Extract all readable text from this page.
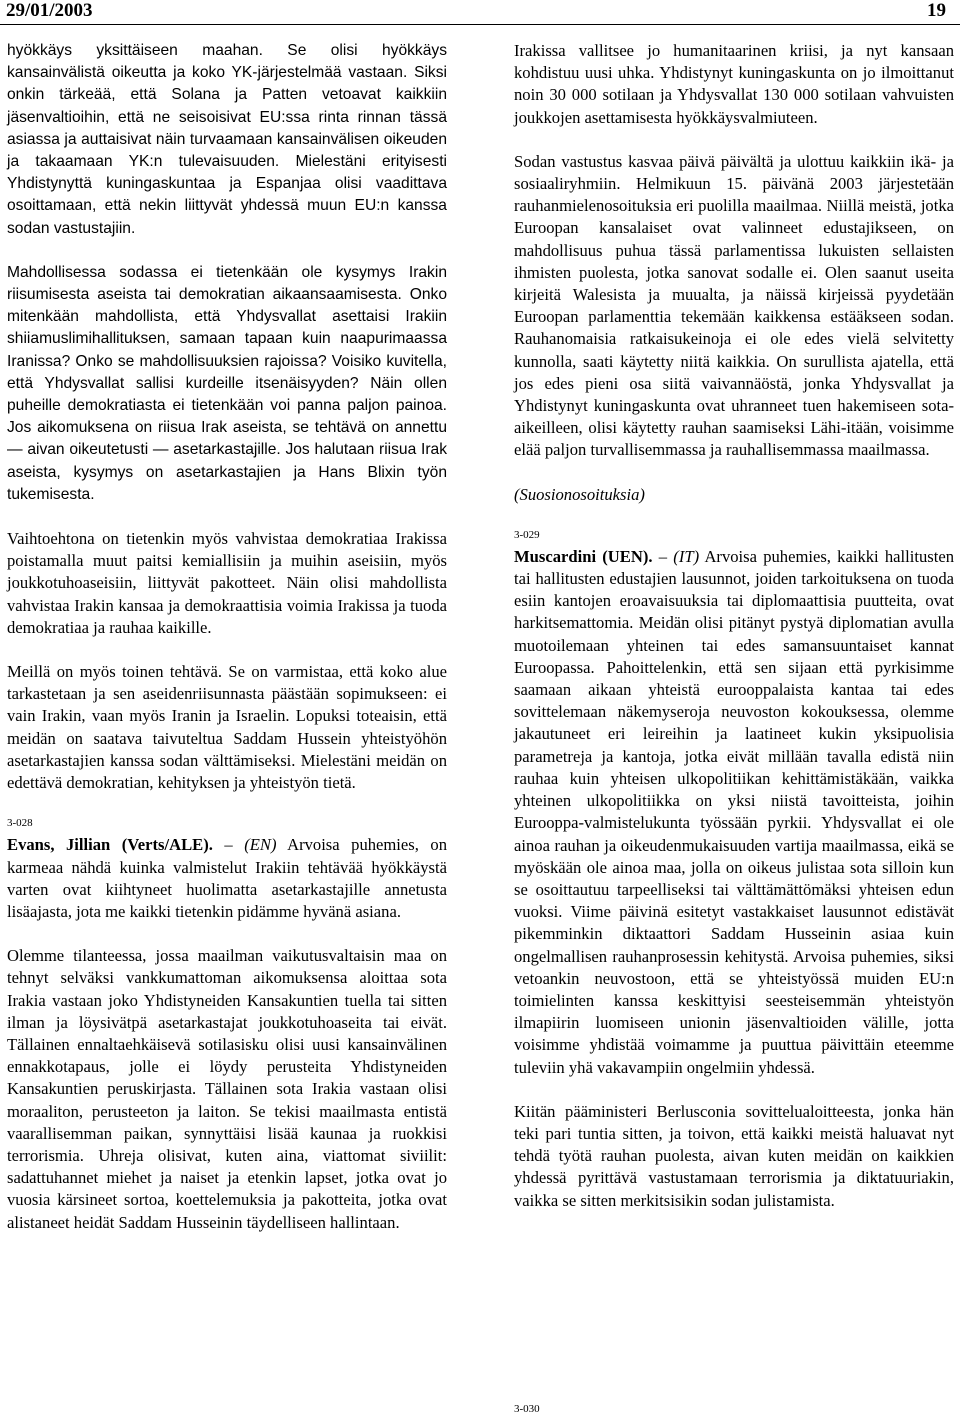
29/01/2003	19

hyökkäys yksittäiseen maahan. Se olisi hyökkäys kansainvälistä oikeutta ja koko YK-järjestelmää vastaan. Siksi onkin tärkeää, että Solana ja Patten vetoavat kaikkiin jäsenvaltioihin, että ne seisoisivat EU:ssa rinta rinnan tässä asiassa ja auttaisivat näin turvaamaan kansainvälisen oikeuden ja takaamaan YK:n tulevaisuuden. Mielestäni erityisesti Yhdistynyttä kuningaskuntaa ja Espanjaa olisi vaadittava osoittamaan, että nekin liittyvät yhdessä muun EU:n kanssa sodan vastustajiin.

Mahdollisessa sodassa ei tietenkään ole kysymys Irakin riisumisesta aseista tai demokratian aikaansaamisesta. Onko mitenkään mahdollista, että Yhdysvallat asettaisi Irakiin shiiamuslimihallituksen, samaan tapaan kuin naapurimaassa Iranissa? Onko se mahdollisuuksien rajoissa? Voisiko kuvitella, että Yhdysvallat sallisi kurdeille itsenäisyyden? Näin ollen puheille demokratiasta ei tietenkään voi panna paljon painoa. Jos aikomuksena on riisua Irak aseista, se tehtävä on annettu — aivan oikeutetusti — asetarkastajille. Jos halutaan riisua Irak aseista, kysymys on asetarkastajien ja Hans Blixin työn tukemisesta.

Vaihtoehtona on tietenkin myös vahvistaa demokratiaa Irakissa poistamalla muut paitsi kemiallisiin ja muihin aseisiin, myös joukkotuhoaseisiin, liittyvät pakotteet. Näin olisi mahdollista vahvistaa Irakin kansaa ja demokraattisia voimia Irakissa ja tuoda demokratiaa ja rauhaa kaikille.

Meillä on myös toinen tehtävä. Se on varmistaa, että koko alue tarkastetaan ja sen aseidenriisunnasta päästään sopimukseen: ei vain Irakin, vaan myös Iranin ja Israelin. Lopuksi toteaisin, että meidän on saatava taivuteltua Saddam Hussein yhteistyöhön asetarkastajien kanssa sodan välttämiseksi. Mielestäni meidän on edettävä demokratian, kehityksen ja yhteistyön tietä.

3-028

Evans, Jillian (Verts/ALE). – (EN) Arvoisa puhemies, on karmeaa nähdä kuinka valmistelut Irakiin tehtävää hyökkäystä varten ovat kiihtyneet huolimatta asetarkastajille annetusta lisäajasta, jota me kaikki tietenkin pidämme hyvänä asiana.

Olemme tilanteessa, jossa maailman vaikutusvaltaisin maa on tehnyt selväksi vankkumattoman aikomuksensa aloittaa sota Irakia vastaan joko Yhdistyneiden Kansakuntien tuella tai sitten ilman ja löysivätpä asetarkastajat joukkotuhoaseita tai eivät. Tällainen ennaltaehkäisevä sotilasisku olisi uusi kansainvälinen ennakkotapaus, jolle ei löydy perusteita Yhdistyneiden Kansakuntien peruskirjasta. Tällainen sota Irakia vastaan olisi moraaliton, perusteeton ja laiton. Se tekisi maailmasta entistä vaarallisemman paikan, synnyttäisi lisää kaunaa ja ruokkisi terrorismia. Uhreja olisivat, kuten aina, viattomat siviilit: sadattuhannet miehet ja naiset ja etenkin lapset, jotka ovat jo vuosia kärsineet sortoa, koettelemuksia ja pakotteita, jotka ovat alistaneet heidät Saddam Husseinin täydelliseen hallintaan.

Irakissa vallitsee jo humanitaarinen kriisi, ja nyt kansaan kohdistuu uusi uhka. Yhdistynyt kuningaskunta on jo ilmoittanut noin 30 000 sotilaan ja Yhdysvallat 130 000 sotilaan vahvuisten joukkojen asettamisesta hyökkäysvalmiuteen.

Sodan vastustus kasvaa päivä päivältä ja ulottuu kaikkiin ikä- ja sosiaaliryhmiin. Helmikuun 15. päivänä 2003 järjestetään rauhanmielenosoituksia eri puolilla maailmaa. Niillä meistä, jotka Euroopan kansalaiset ovat valinneet edustajikseen, on mahdollisuus puhua tässä parlamentissa lukuisten sellaisten ihmisten puolesta, jotka sanovat sodalle ei. Olen saanut useita kirjeitä Walesista ja muualta, ja näissä kirjeissä pyydetään Euroopan parlamenttia tekemään kaikkensa estääkseen sodan. Rauhanomaisia ratkaisukeinoja ei ole edes vielä selvitetty kunnolla, saati käytetty niitä kaikkia. On surullista ajatella, että jos edes pieni osa siitä vaivannäöstä, jonka Yhdysvallat ja Yhdistynyt kuningaskunta ovat uhranneet tuen hakemiseen sota-aikeilleen, olisi käytetty rauhan saamiseksi Lähi-itään, voisimme elää paljon turvallisemmassa ja rauhallisemmassa maailmassa.

(Suosionosoituksia)

3-029

Muscardini (UEN). – (IT) Arvoisa puhemies, kaikki hallitusten tai hallitusten edustajien lausunnot, joiden tarkoituksena on tuoda esiin kantojen eroavaisuuksia tai diplomaattisia puutteita, ovat harkitsemattomia. Meidän olisi pitänyt pystyä diplomatian avulla muotoilemaan yhteinen tai edes samansuuntaiset kannat Euroopassa. Pahoittelenkin, että sen sijaan että pyrkisimme saamaan aikaan yhteistä eurooppalaista kantaa tai edes sovittelemaan näkemyseroja neuvoston kokouksessa, olemme jakautuneet eri leireihin ja laatineet kukin yksipuolisia parametreja ja kantoja, jotka eivät millään tavalla edistä niin rauhaa kuin yhteisen ulkopolitiikan kehittämistäkään, vaikka yhteinen ulkopolitiikka on yksi niistä tavoitteista, joihin Eurooppa-valmistelukunta työssään pyrkii. Yhdysvallat ei ole ainoa rauhan ja oikeudenmukaisuuden vartija maailmassa, eikä se myöskään ole ainoa maa, jolla on oikeus julistaa sota silloin kun se osoittautuu tarpeelliseksi tai välttämättömäksi yhteisen edun vuoksi. Viime päivinä esitetyt vastakkaiset lausunnot edistävät pikemminkin diktaattori Saddam Husseinin asiaa kuin ongelmallisen rauhanprosessin kehitystä. Arvoisa puhemies, siksi vetoankin neuvostoon, että se yhteistyössä muiden EU:n toimielinten kanssa keskittyisi seesteisemmän yhteistyön ilmapiirin luomiseen unionin jäsenvaltioiden välille, jotta voisimme yhdistää voimamme ja puuttua päivittäin eteemme tuleviin yhä vakavampiin ongelmiin yhdessä.

Kiitän pääministeri Berlusconia sovittelualoitteesta, jonka hän teki pari tuntia sitten, ja toivon, että kaikki meistä haluavat nyt tehdä työtä rauhan puolesta, aivan kuten meidän on kaikkien yhdessä pyrittävä vastustamaan terrorismia ja diktatuuriakin, vaikka se sitten merkitsisikin sodan julistamista.

3-030
